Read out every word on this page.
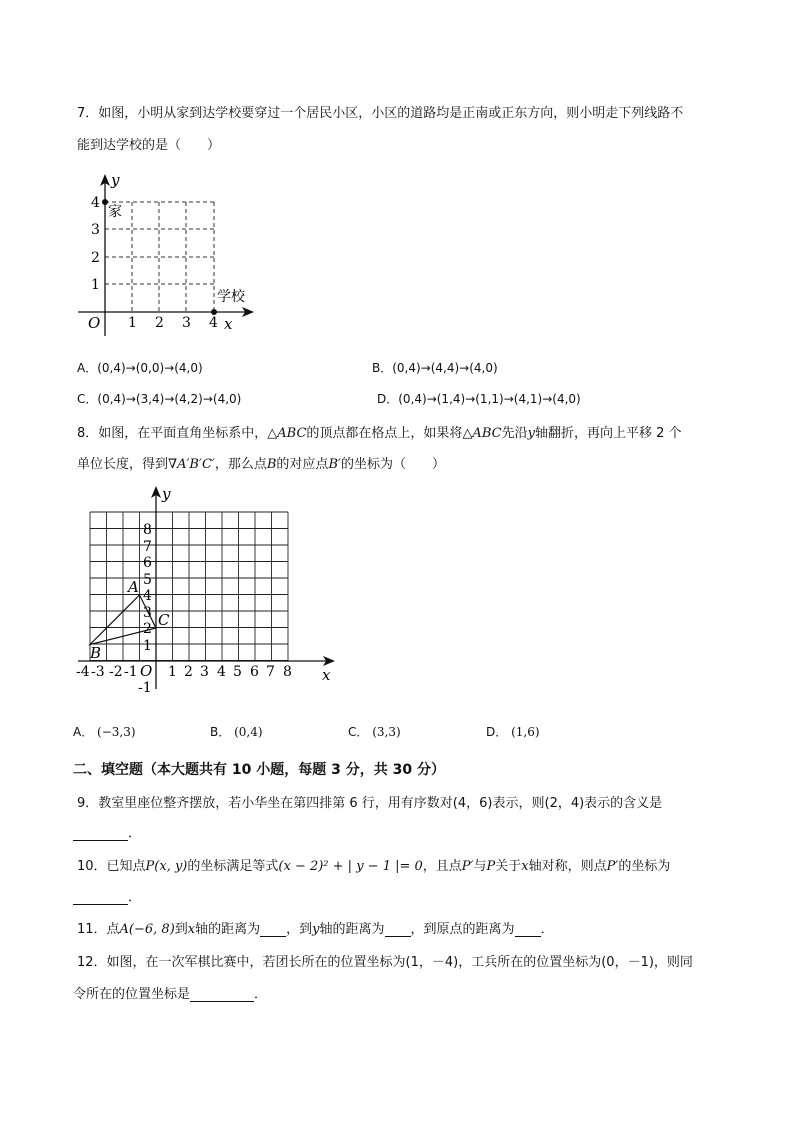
7．如图，小明从家到达学校要穿过一个居民小区，小区的道路均是正南或正东方向，则小明走下列线路不
能到达学校的是（　　）
y
x
O 1 2 3 4
1
2
3
4
家
学校
A．(0,4)→(0,0)→(4,0)	B．(0,4)→(4,4)→(4,0)
C．(0,4)→(3,4)→(4,2)→(4,0)	D．(0,4)→(1,4)→(1,1)→(4,1)→(4,0)
8．如图，在平面直角坐标系中，△ABC的顶点都在格点上，如果将△ABC先沿y轴翻折，再向上平移 2 个
单位长度，得到∇A′B′C′，那么点B的对应点B′的坐标为（　　）
y
x
O
A
B
C
-4 -3 -2 -1 1 2 3 4 5 6 7 8
1
2
3
4
5
6
7
8
-1
A． (−3,3)	B． (0,4)	C． (3,3)	D． (1,6)
二、填空题（本大题共有 10 小题，每题 3 分，共 30 分）
9．教室里座位整齐摆放，若小华坐在第四排第 6 行，用有序数对(4，6)表示，则(2，4)表示的含义是
．
10．已知点P(x, y)的坐标满足等式(x − 2)² + | y − 1 |= 0，且点P′与P关于x轴对称，则点P′的坐标为
．
11．点A(−6, 8)到x轴的距离为 ，到y轴的距离为 ，到原点的距离为 ．
12．如图，在一次军棋比赛中，若团长所在的位置坐标为(1，－4)，工兵所在的位置坐标为(0，－1)，则同
令所在的位置坐标是	．
